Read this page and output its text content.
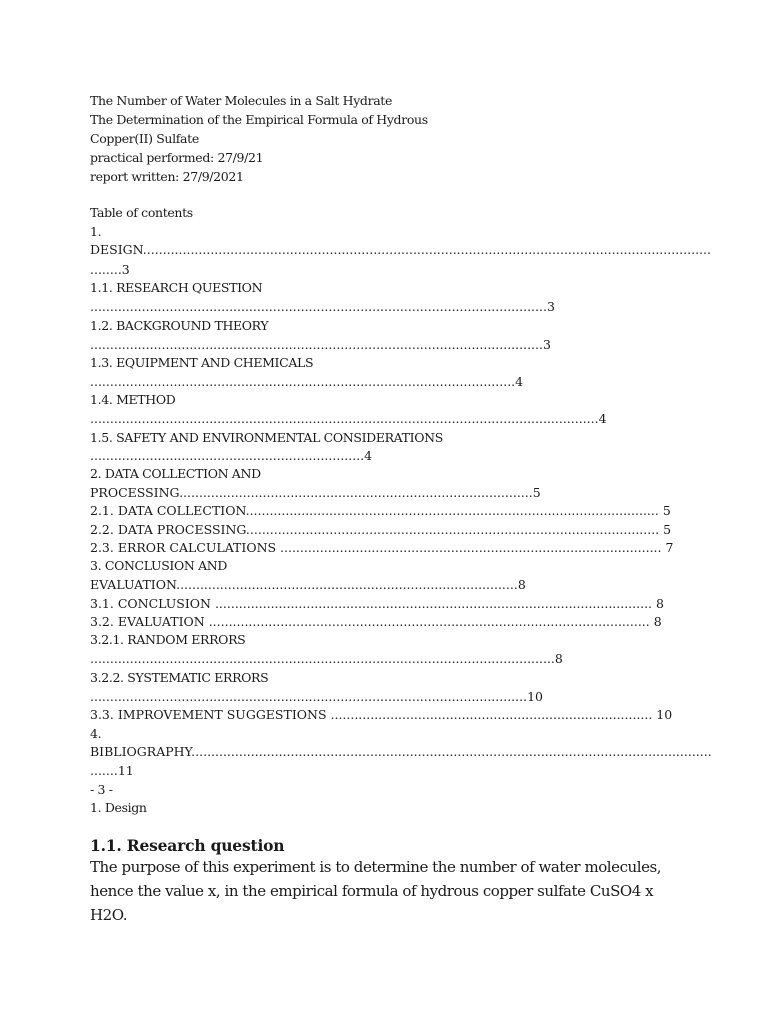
The Number of Water Molecules in a Salt Hydrate
The Determination of the Empirical Formula of Hydrous
Copper(II) Sulfate
practical performed: 27/9/21
report written: 27/9/2021
Table of contents
1.
DESIGN...............................................................................................................................................
........3
1.1. RESEARCH QUESTION
...................................................................................................................3
1.2. BACKGROUND THEORY
..................................................................................................................3
1.3. EQUIPMENT AND CHEMICALS
...........................................................................................................4
1.4. METHOD
................................................................................................................................4
1.5. SAFETY AND ENVIRONMENTAL CONSIDERATIONS
.....................................................................4
2. DATA COLLECTION AND
PROCESSING.........................................................................................5
2.1. DATA COLLECTION........................................................................................................ 5
2.2. DATA PROCESSING........................................................................................................ 5
2.3. ERROR CALCULATIONS ................................................................................................ 7
3. CONCLUSION AND
EVALUATION......................................................................................8
3.1. CONCLUSION .............................................................................................................. 8
3.2. EVALUATION ............................................................................................................... 8
3.2.1. RANDOM ERRORS
.....................................................................................................................8
3.2.2. SYSTEMATIC ERRORS
..............................................................................................................10
3.3. IMPROVEMENT SUGGESTIONS ................................................................................. 10
4.
BIBLIOGRAPHY...................................................................................................................................
.......11
- 3 -
1. Design
1.1. Research question
The purpose of this experiment is to determine the number of water molecules,
hence the value x, in the empirical formula of hydrous copper sulfate CuSO4 x
H2O.
